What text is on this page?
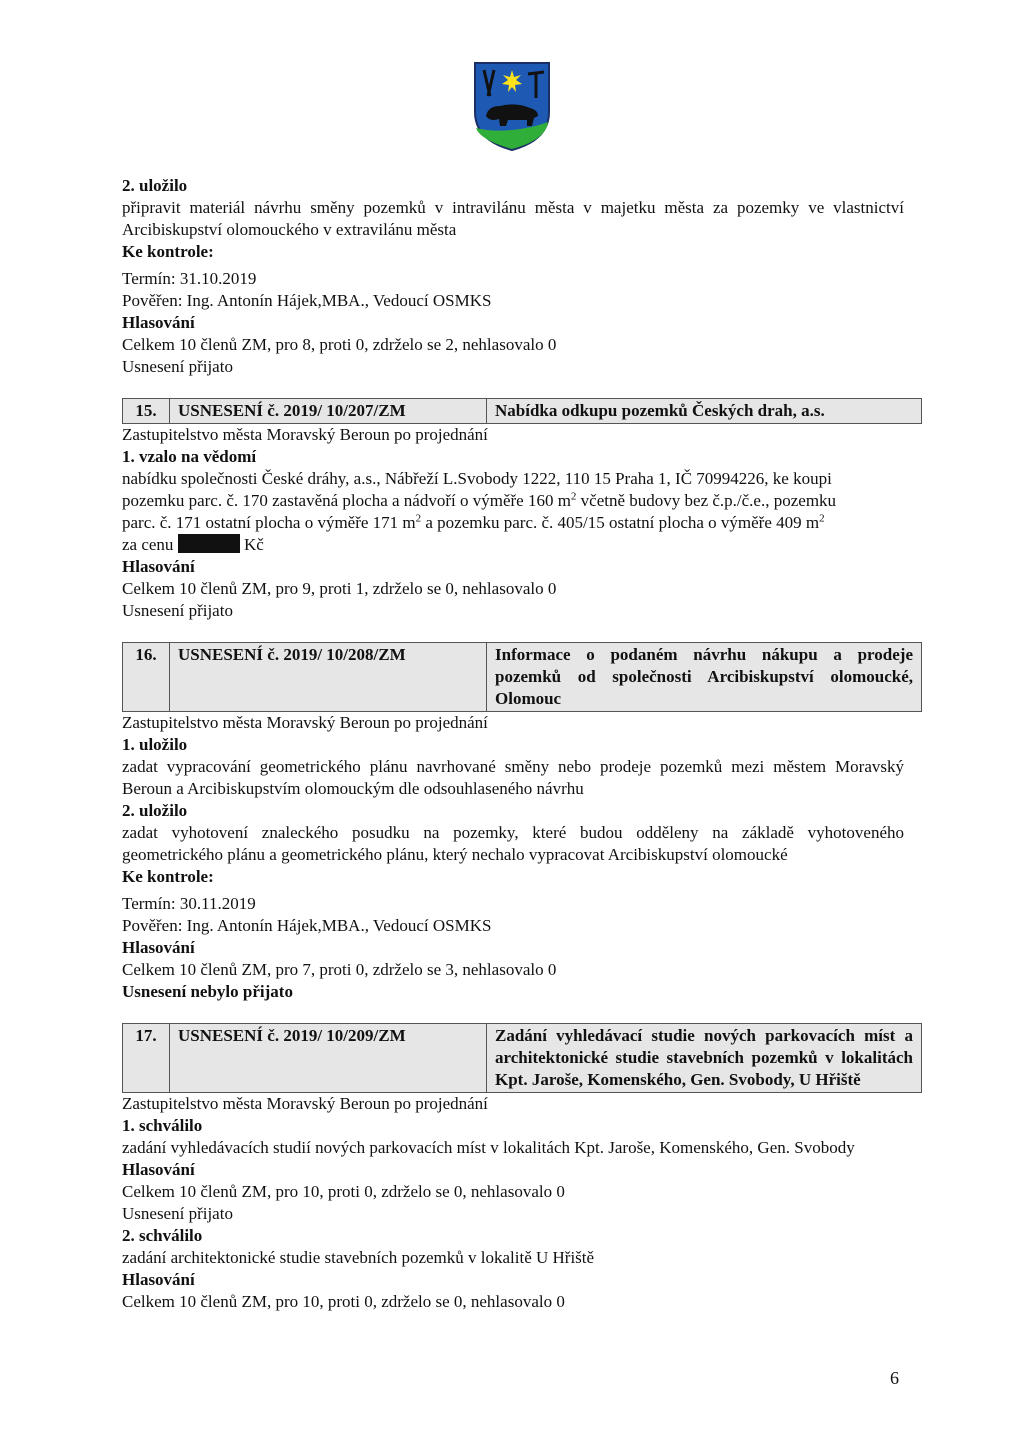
2. uložilo

připravit materiál návrhu směny pozemků v intravilánu města v majetku města za pozemky ve vlastnictví Arcibiskupství olomouckého v extravilánu města

Ke kontrole:

Termín: 31.10.2019

Pověřen: Ing. Antonín Hájek,MBA., Vedoucí OSMKS

Hlasování

Celkem 10 členů ZM, pro 8, proti 0, zdrželo se 2, nehlasovalo 0

Usnesení přijato

15.	USNESENÍ č. 2019/ 10/207/ZM	Nabídka odkupu pozemků Českých drah, a.s.

Zastupitelstvo města Moravský Beroun po projednání

1. vzalo na vědomí

nabídku společnosti České dráhy, a.s., Nábřeží L.Svobody 1222, 110 15 Praha 1, IČ 70994226, ke koupi

pozemku parc. č. 170 zastavěná plocha a nádvoří o výměře 160 $m^2$ včetně budovy bez č.p./č.e., pozemku

parc. č. 171 ostatní plocha o výměře 171 $m^2$ a pozemku parc. č. 405/15 ostatní plocha o výměře 409 $m^2$

za cenu	Kč

Hlasování

Celkem 10 členů ZM, pro 9, proti 1, zdrželo se 0, nehlasovalo 0

Usnesení přijato

16.	USNESENÍ č. 2019/ 10/208/ZM	Informace o podaném návrhu nákupu a prodeje pozemků od společnosti Arcibiskupství olomoucké, Olomouc

Zastupitelstvo města Moravský Beroun po projednání

1. uložilo

zadat vypracování geometrického plánu navrhované směny nebo prodeje pozemků mezi městem Moravský Beroun a Arcibiskupstvím olomouckým dle odsouhlaseného návrhu

2. uložilo

zadat vyhotovení znaleckého posudku na pozemky, které budou odděleny na základě vyhotoveného geometrického plánu a geometrického plánu, který nechalo vypracovat Arcibiskupství olomoucké

Ke kontrole:

Termín: 30.11.2019

Pověřen: Ing. Antonín Hájek,MBA., Vedoucí OSMKS

Hlasování

Celkem 10 členů ZM, pro 7, proti 0, zdrželo se 3, nehlasovalo 0

Usnesení nebylo přijato

17.	USNESENÍ č. 2019/ 10/209/ZM	Zadání vyhledávací studie nových parkovacích míst a architektonické studie stavebních pozemků v lokalitách Kpt. Jaroše, Komenského, Gen. Svobody, U Hřiště

Zastupitelstvo města Moravský Beroun po projednání

1. schválilo

zadání vyhledávacích studií nových parkovacích míst v lokalitách Kpt. Jaroše, Komenského, Gen. Svobody

Hlasování

Celkem 10 členů ZM, pro 10, proti 0, zdrželo se 0, nehlasovalo 0

Usnesení přijato

2. schválilo

zadání architektonické studie stavebních pozemků v lokalitě U Hřiště

Hlasování

Celkem 10 členů ZM, pro 10, proti 0, zdrželo se 0, nehlasovalo 0

6
